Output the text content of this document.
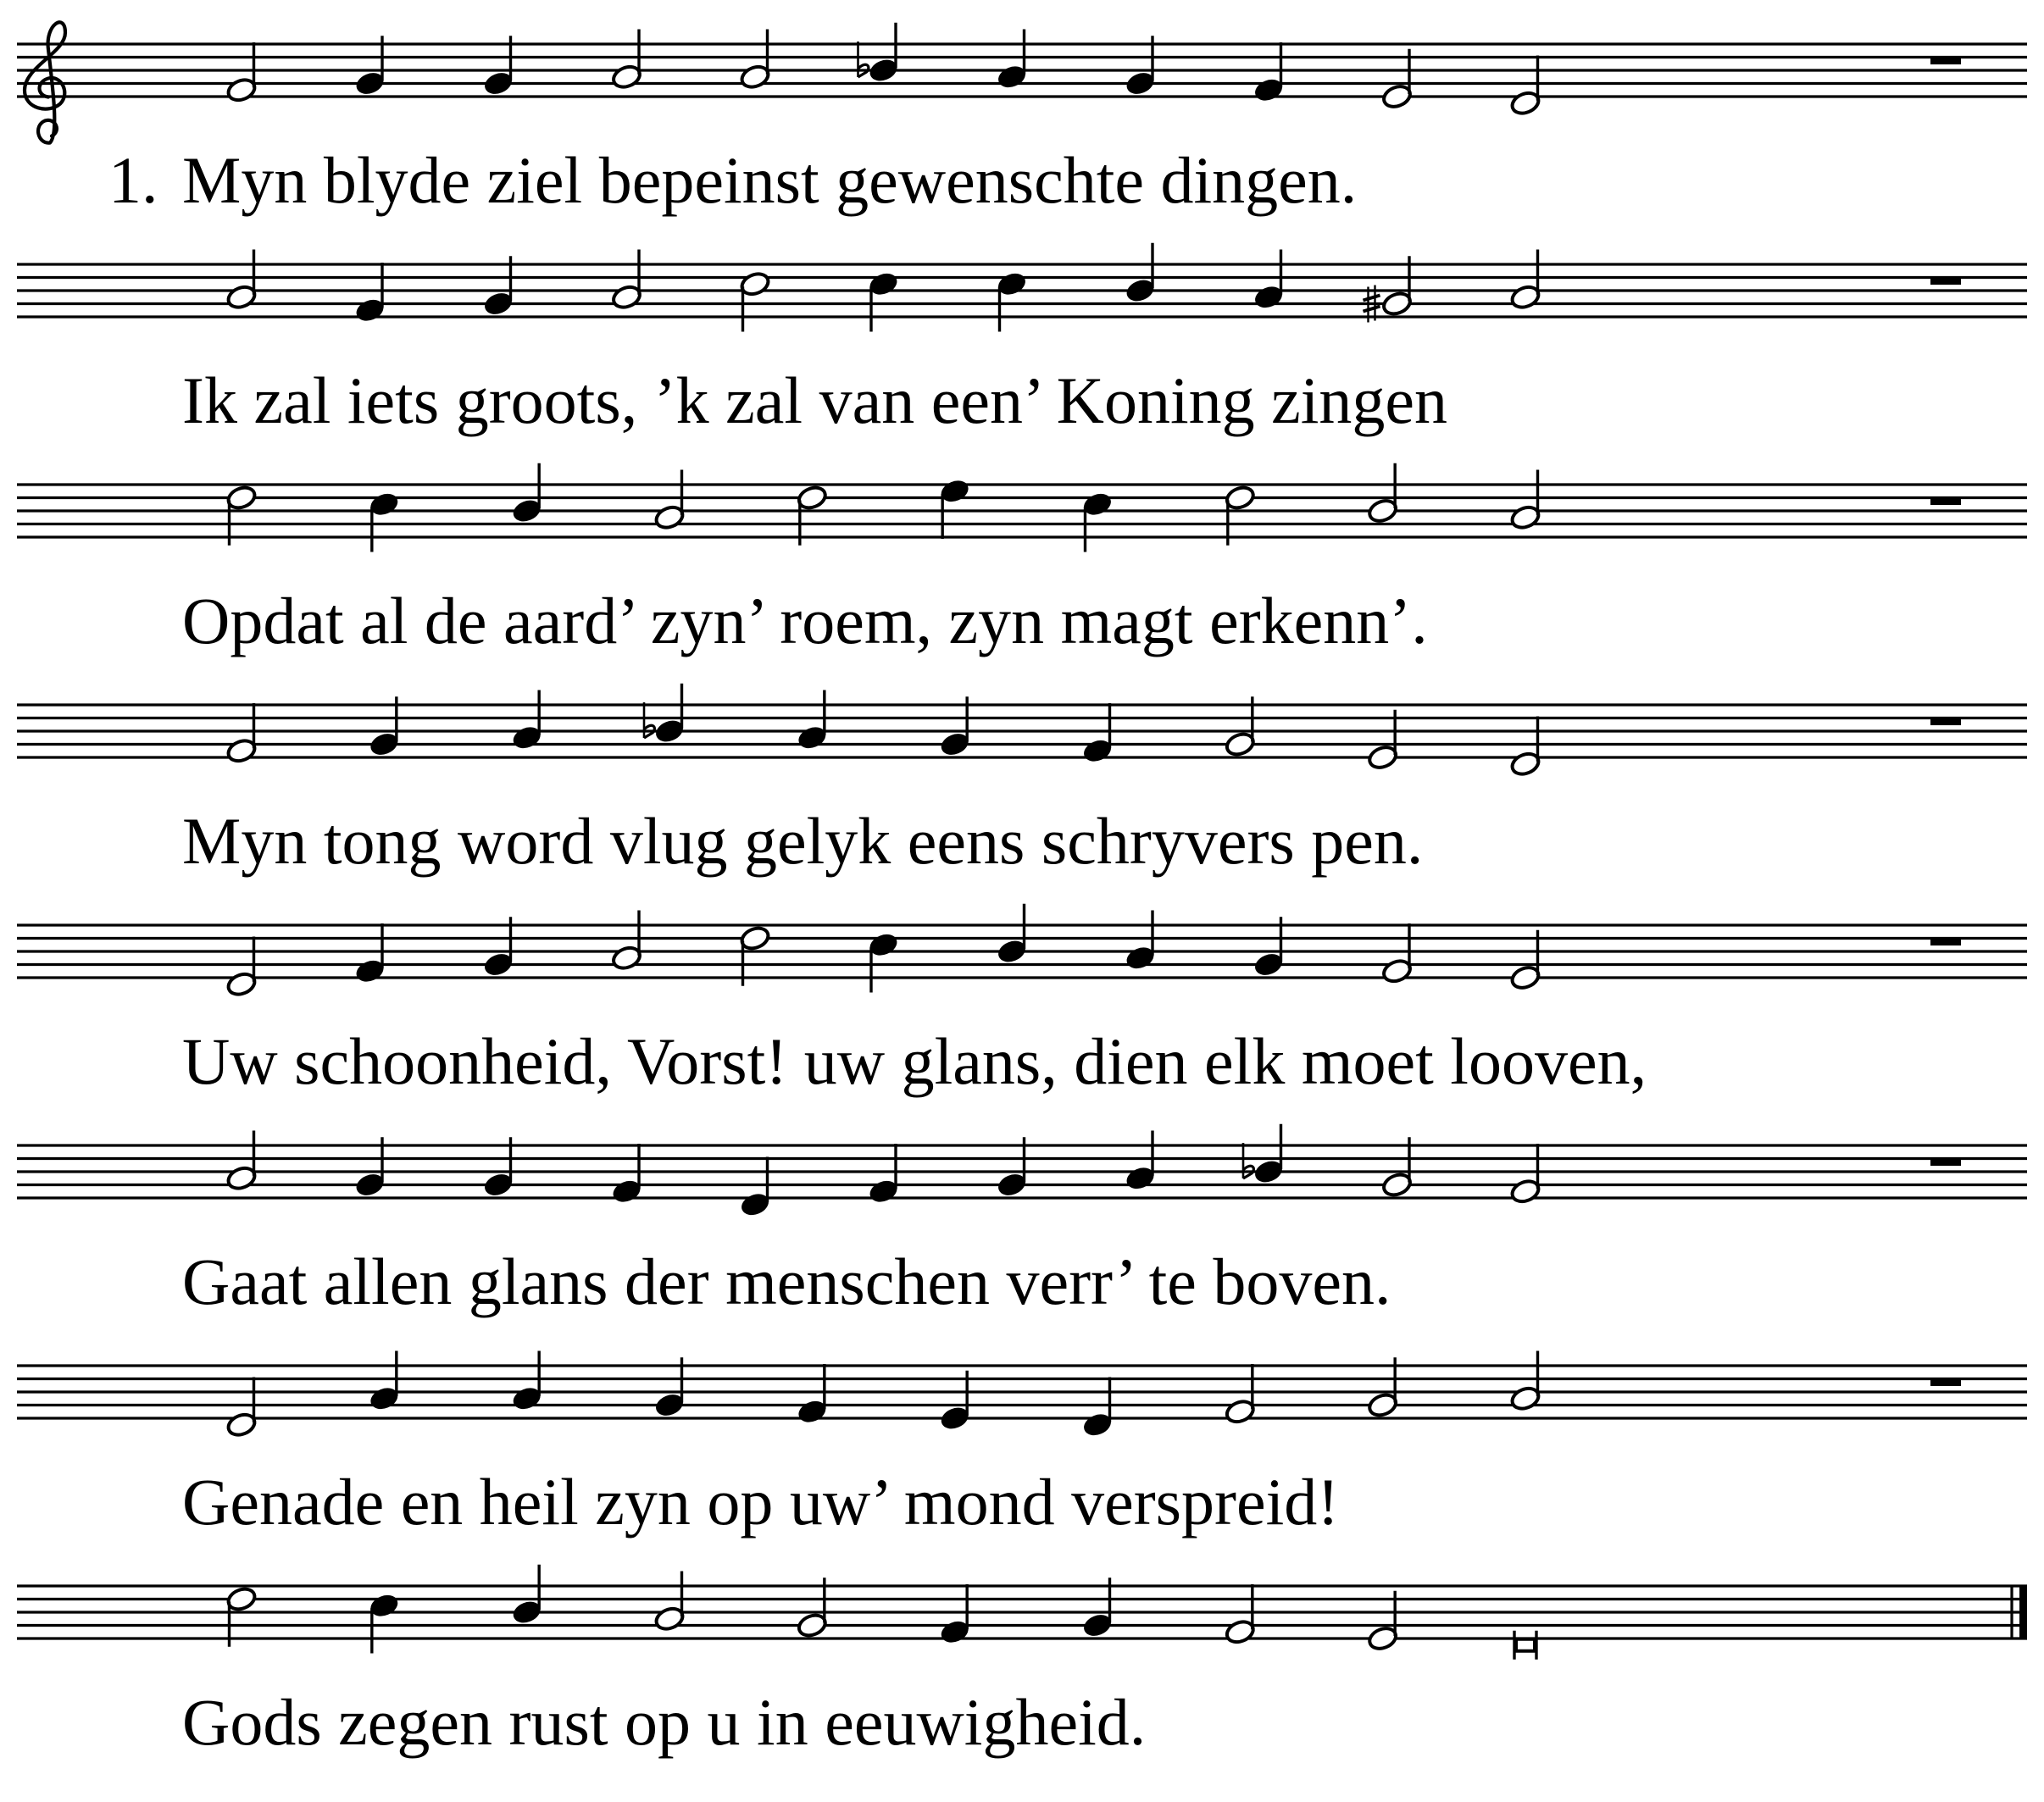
1. Myn blyde ziel bepeinst gewenschte dingen.
Ik zal iets groots, ’k zal van een’ Koning zingen
Opdat al de aard’ zyn’ roem, zyn magt erkenn’.
Myn tong word vlug gelyk eens schryvers pen.
Uw schoonheid, Vorst! uw glans, dien elk moet looven,
Gaat allen glans der menschen verr’ te boven.
Genade en heil zyn op uw’ mond verspreid!
Gods zegen rust op u in eeuwigheid.
